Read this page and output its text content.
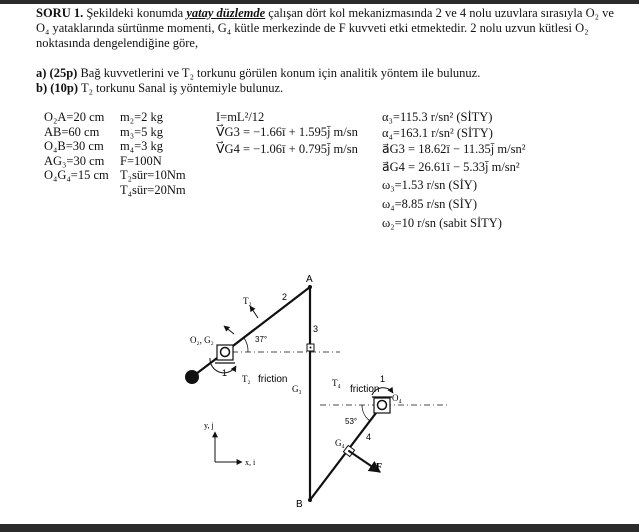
SORU 1. Şekildeki konumda yatay düzlemde çalışan dört kol mekanizmasında 2 ve 4 nolu uzuvlara sırasıyla O₂ ve O₄ yataklarında sürtünme momenti, G₄ kütle merkezinde de F kuvveti etki etmektedir. 2 nolu uzvun kütlesi O₂ noktasında dengelendiğine göre,
a) (25p) Bağ kuvvetlerini ve T₂ torkunu görülen konum için analitik yöntem ile bulunuz.
b) (10p) T₂ torkunu Sanal iş yöntemiyle bulunuz.
O₂A=20 cm
AB=60 cm
O₄B=30 cm
AG₃=30 cm
O₄G₄=15 cm
m₂=2 kg
m₃=5 kg
m₄=3 kg
F=100N
T₂sür=10Nm
T₄sür=20Nm
I=mL²/12
V⃗G3 = −1.66ī + 1.595j̄ m/sn
V⃗G4 = −1.06ī + 0.795j̄ m/sn
α₃=115.3 r/sn² (SİTY)
α₄=163.1 r/sn² (SİTY)
a⃗G3 = 18.62ī − 11.35j̄ m/sn²
a⃗G4 = 26.61ī − 5.33j̄ m/sn²
ω₃=1.53 r/sn (SİY)
ω₄=8.85 r/sn (SİY)
ω₂=10 r/sn (sabit SİTY)
A
B
O₂, G₂
O₄
G₃
G₄
T₂
T₂	T₄
friction
friction
1
1
2
3
4
37°
53°
F
y, j
x, i
